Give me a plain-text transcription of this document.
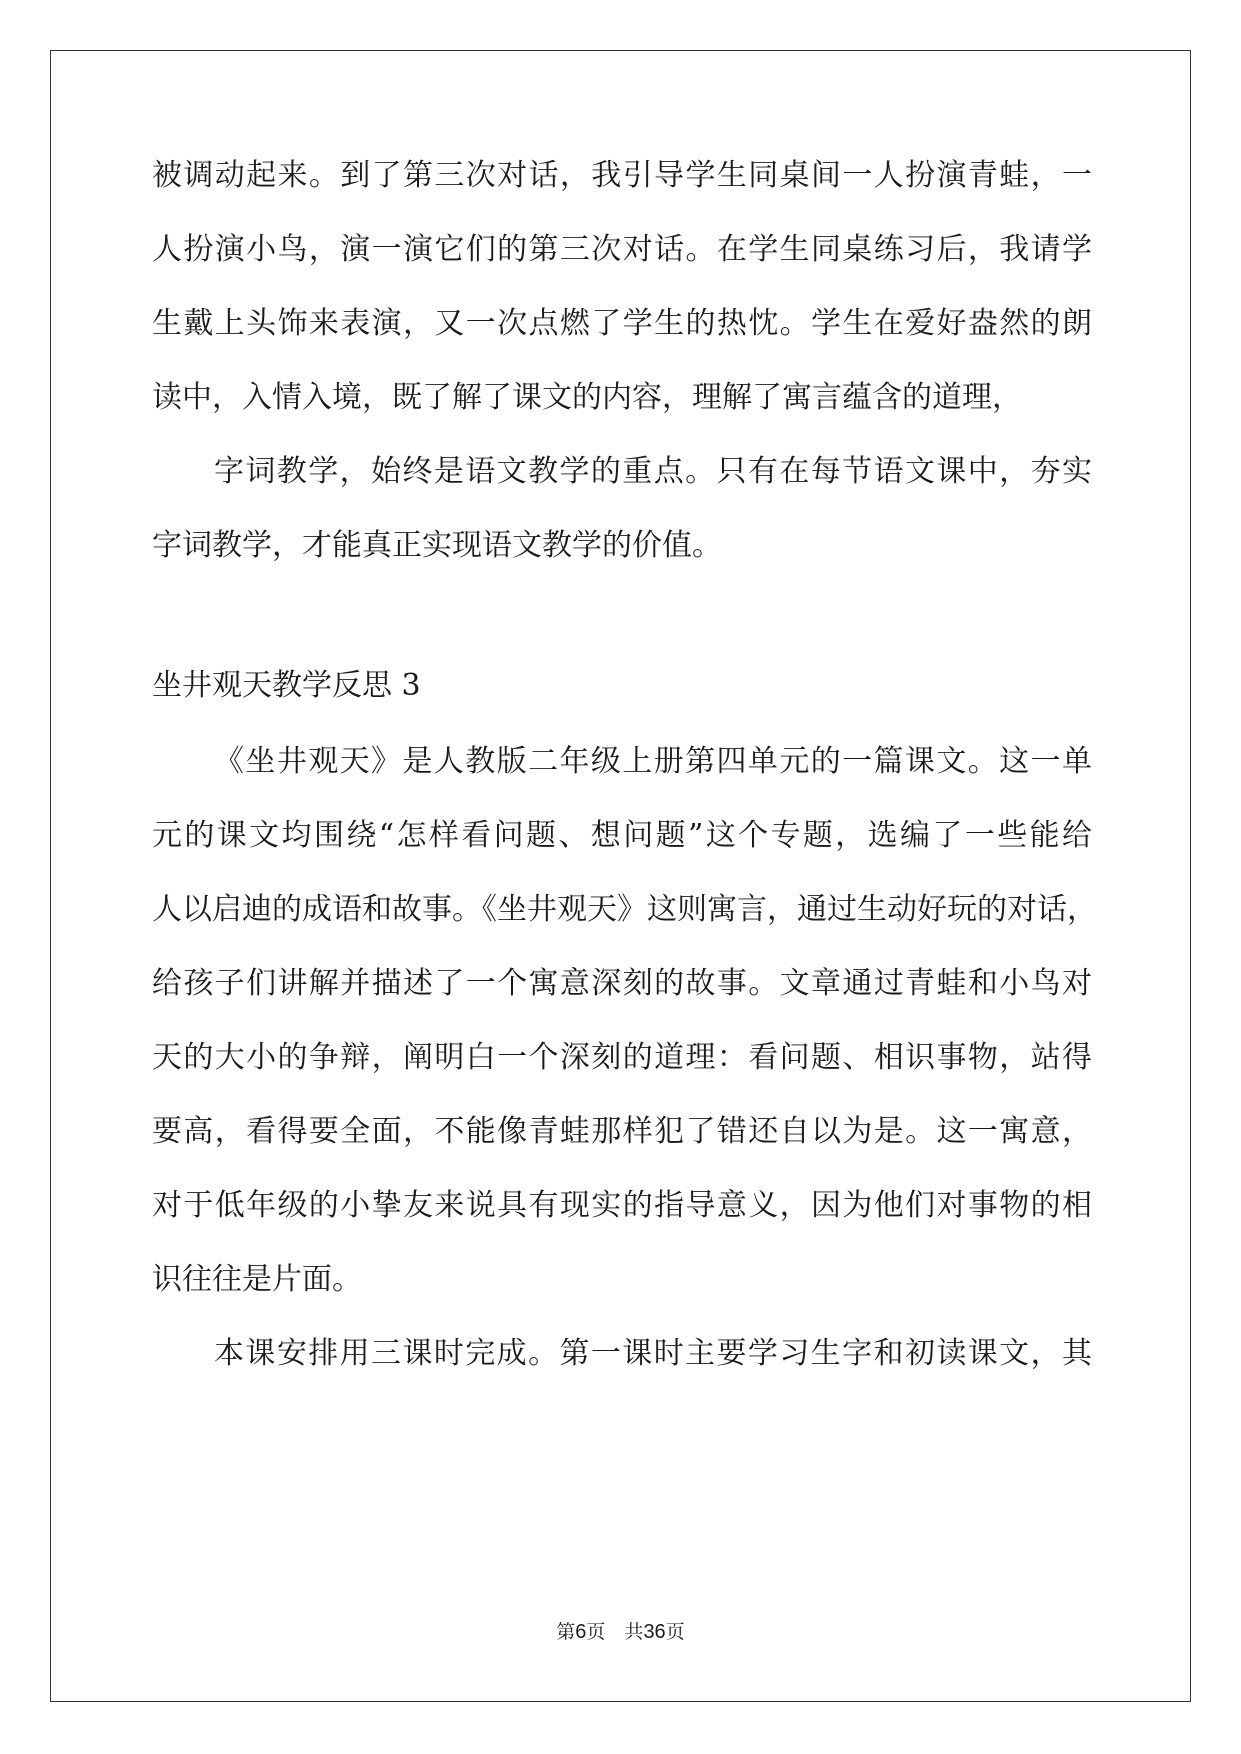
被调动起来。到了第三次对话，我引导学生同桌间一人扮演青蛙，一
人扮演小鸟，演一演它们的第三次对话。在学生同桌练习后，我请学
生戴上头饰来表演，又一次点燃了学生的热忱。学生在爱好盎然的朗
读中，入情入境，既了解了课文的内容，理解了寓言蕴含的道理，
字词教学，始终是语文教学的重点。只有在每节语文课中，夯实
字词教学，才能真正实现语文教学的价值。
坐井观天教学反思 3
《坐井观天》是人教版二年级上册第四单元的一篇课文。这一单
元的课文均围绕“怎样看问题、想问题”这个专题，选编了一些能给
人以启迪的成语和故事。《坐井观天》这则寓言，通过生动好玩的对话，
给孩子们讲解并描述了一个寓意深刻的故事。文章通过青蛙和小鸟对
天的大小的争辩，阐明白一个深刻的道理：看问题、相识事物，站得
要高，看得要全面，不能像青蛙那样犯了错还自以为是。这一寓意，
对于低年级的小挚友来说具有现实的指导意义，因为他们对事物的相
识往往是片面。
本课安排用三课时完成。第一课时主要学习生字和初读课文，其
第6页　共36页
